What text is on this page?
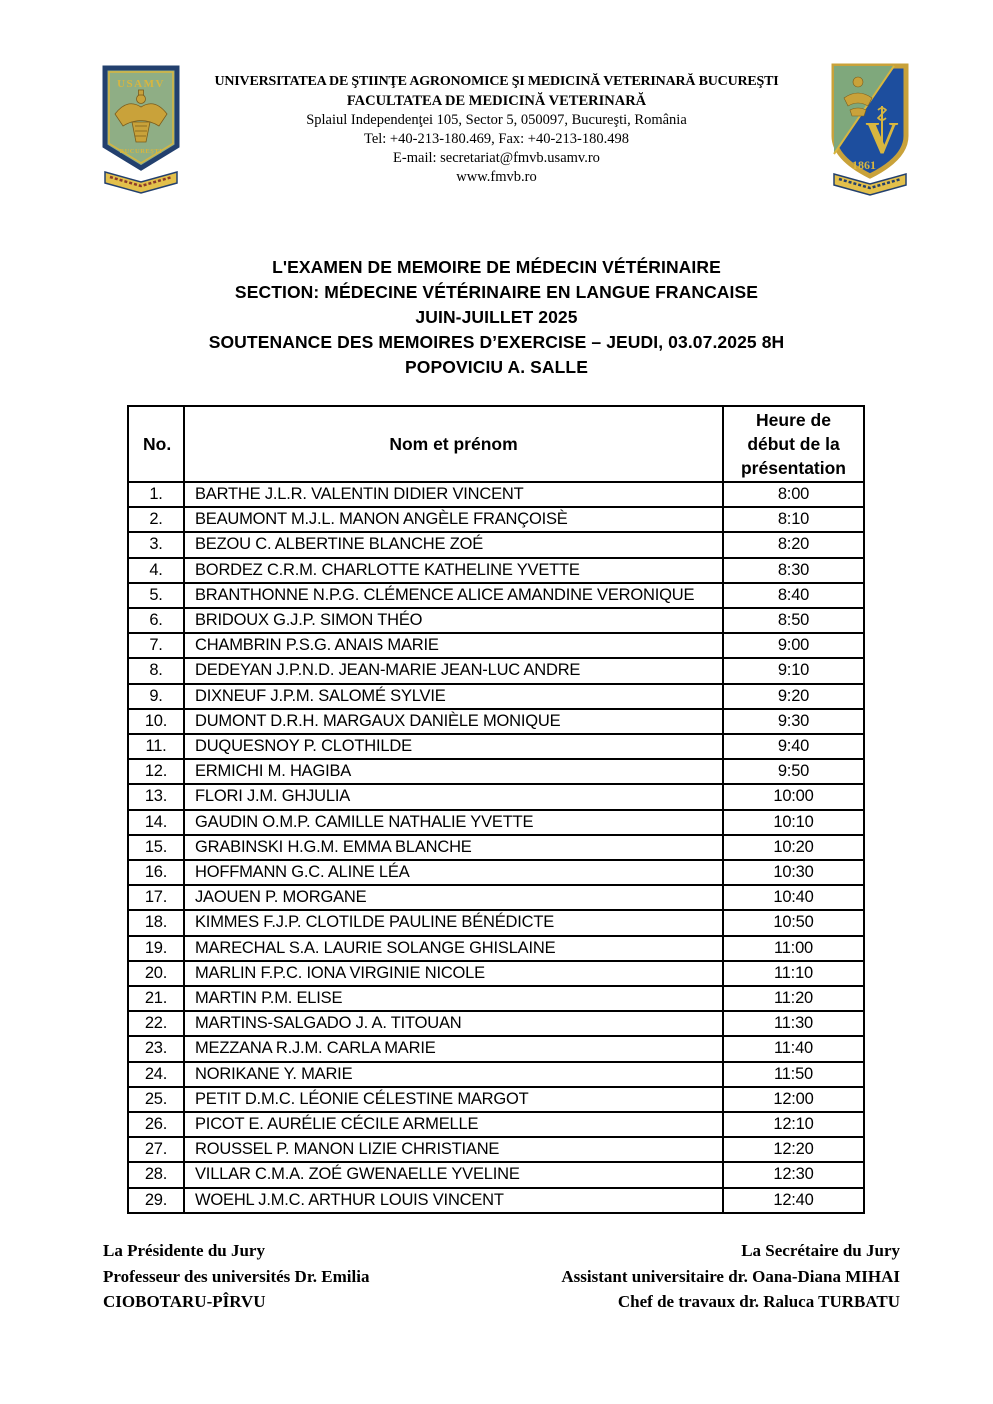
USAMV
BUCUREŞTI
UNIVERSITATEA DE ŞTIINŢE AGRONOMICE ŞI MEDICINĂ VETERINARĂ BUCUREŞTI
FACULTATEA DE MEDICINĂ VETERINARĂ
Splaiul Independenţei 105, Sector 5, 050097, Bucureşti, România
Tel: +40-213-180.469, Fax: +40-213-180.498
E-mail: secretariat@fmvb.usamv.ro
www.fmvb.ro
V
1861
L'EXAMEN DE MEMOIRE DE MÉDECIN VÉTÉRINAIRE
SECTION: MÉDECINE VÉTÉRINAIRE EN LANGUE FRANCAISE
JUIN-JUILLET 2025
SOUTENANCE DES MEMOIRES D’EXERCISE – JEUDI, 03.07.2025 8H
POPOVICIU A. SALLE
No.	Nom et prénom	Heure de début de la présentation
1.	BARTHE J.L.R. VALENTIN DIDIER VINCENT	8:00
2.	BEAUMONT M.J.L. MANON ANGÈLE FRANÇOISÈ	8:10
3.	BEZOU C. ALBERTINE BLANCHE ZOÉ	8:20
4.	BORDEZ C.R.M. CHARLOTTE KATHELINE YVETTE	8:30
5.	BRANTHONNE N.P.G. CLÉMENCE ALICE AMANDINE VERONIQUE	8:40
6.	BRIDOUX G.J.P. SIMON THÉO	8:50
7.	CHAMBRIN P.S.G. ANAIS MARIE	9:00
8.	DEDEYAN J.P.N.D. JEAN-MARIE JEAN-LUC ANDRE	9:10
9.	DIXNEUF J.P.M. SALOMÉ SYLVIE	9:20
10.	DUMONT D.R.H. MARGAUX DANIÈLE MONIQUE	9:30
11.	DUQUESNOY P. CLOTHILDE	9:40
12.	ERMICHI M. HAGIBA	9:50
13.	FLORI J.M. GHJULIA	10:00
14.	GAUDIN O.M.P. CAMILLE NATHALIE YVETTE	10:10
15.	GRABINSKI H.G.M. EMMA BLANCHE	10:20
16.	HOFFMANN G.C. ALINE LÉA	10:30
17.	JAOUEN P. MORGANE	10:40
18.	KIMMES F.J.P. CLOTILDE PAULINE BÉNÉDICTE	10:50
19.	MARECHAL S.A. LAURIE SOLANGE GHISLAINE	11:00
20.	MARLIN F.P.C. IONA VIRGINIE NICOLE	11:10
21.	MARTIN P.M. ELISE	11:20
22.	MARTINS-SALGADO J. A. TITOUAN	11:30
23.	MEZZANA R.J.M. CARLA MARIE	11:40
24.	NORIKANE Y. MARIE	11:50
25.	PETIT D.M.C. LÉONIE CÉLESTINE MARGOT	12:00
26.	PICOT E. AURÉLIE CÉCILE ARMELLE	12:10
27.	ROUSSEL P. MANON LIZIE CHRISTIANE	12:20
28.	VILLAR C.M.A. ZOÉ GWENAELLE YVELINE	12:30
29.	WOEHL J.M.C. ARTHUR LOUIS VINCENT	12:40
La Présidente du Jury
Professeur des universités Dr. Emilia
CIOBOTARU-PÎRVU
La Secrétaire du Jury
Assistant universitaire dr. Oana-Diana MIHAI
Chef de travaux dr. Raluca TURBATU
